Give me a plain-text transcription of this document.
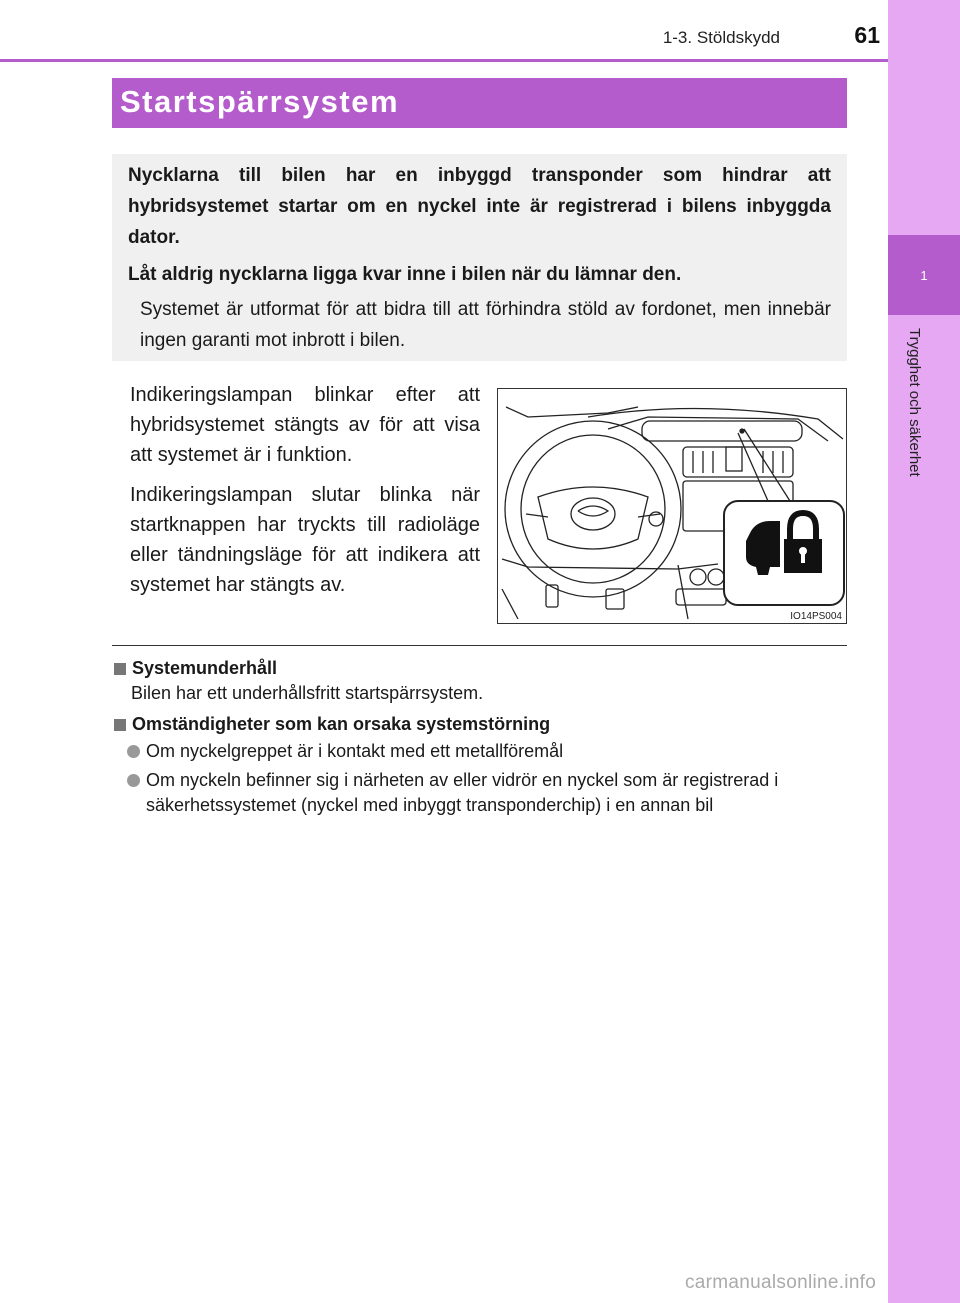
1
Trygghet och säkerhet
1-3. Stöldskydd	61
Startspärrsystem

Nycklarna till bilen har en inbyggd transponder som hindrar att hybridsystemet startar om en nyckel inte är registrerad i bilens inbyggda dator.

Låt aldrig nycklarna ligga kvar inne i bilen när du lämnar den.

Systemet är utformat för att bidra till att förhindra stöld av fordonet, men innebär ingen garanti mot inbrott i bilen.

Indikeringslampan blinkar efter att hybridsystemet stängts av för att visa att systemet är i funktion.

Indikeringslampan slutar blinka när startknappen har tryckts till radioläge eller tändningsläge för att indikera att systemet har stängts av.

IO14PS004
Systemunderhåll

Bilen har ett underhållsfritt startspärrsystem.

Omständigheter som kan orsaka systemstörning
Om nyckelgreppet är i kontakt med ett metallföremål
Om nyckeln befinner sig i närheten av eller vidrör en nyckel som är registrerad i säkerhetssystemet (nyckel med inbyggt transponderchip) i en annan bil
carmanualsonline.info
